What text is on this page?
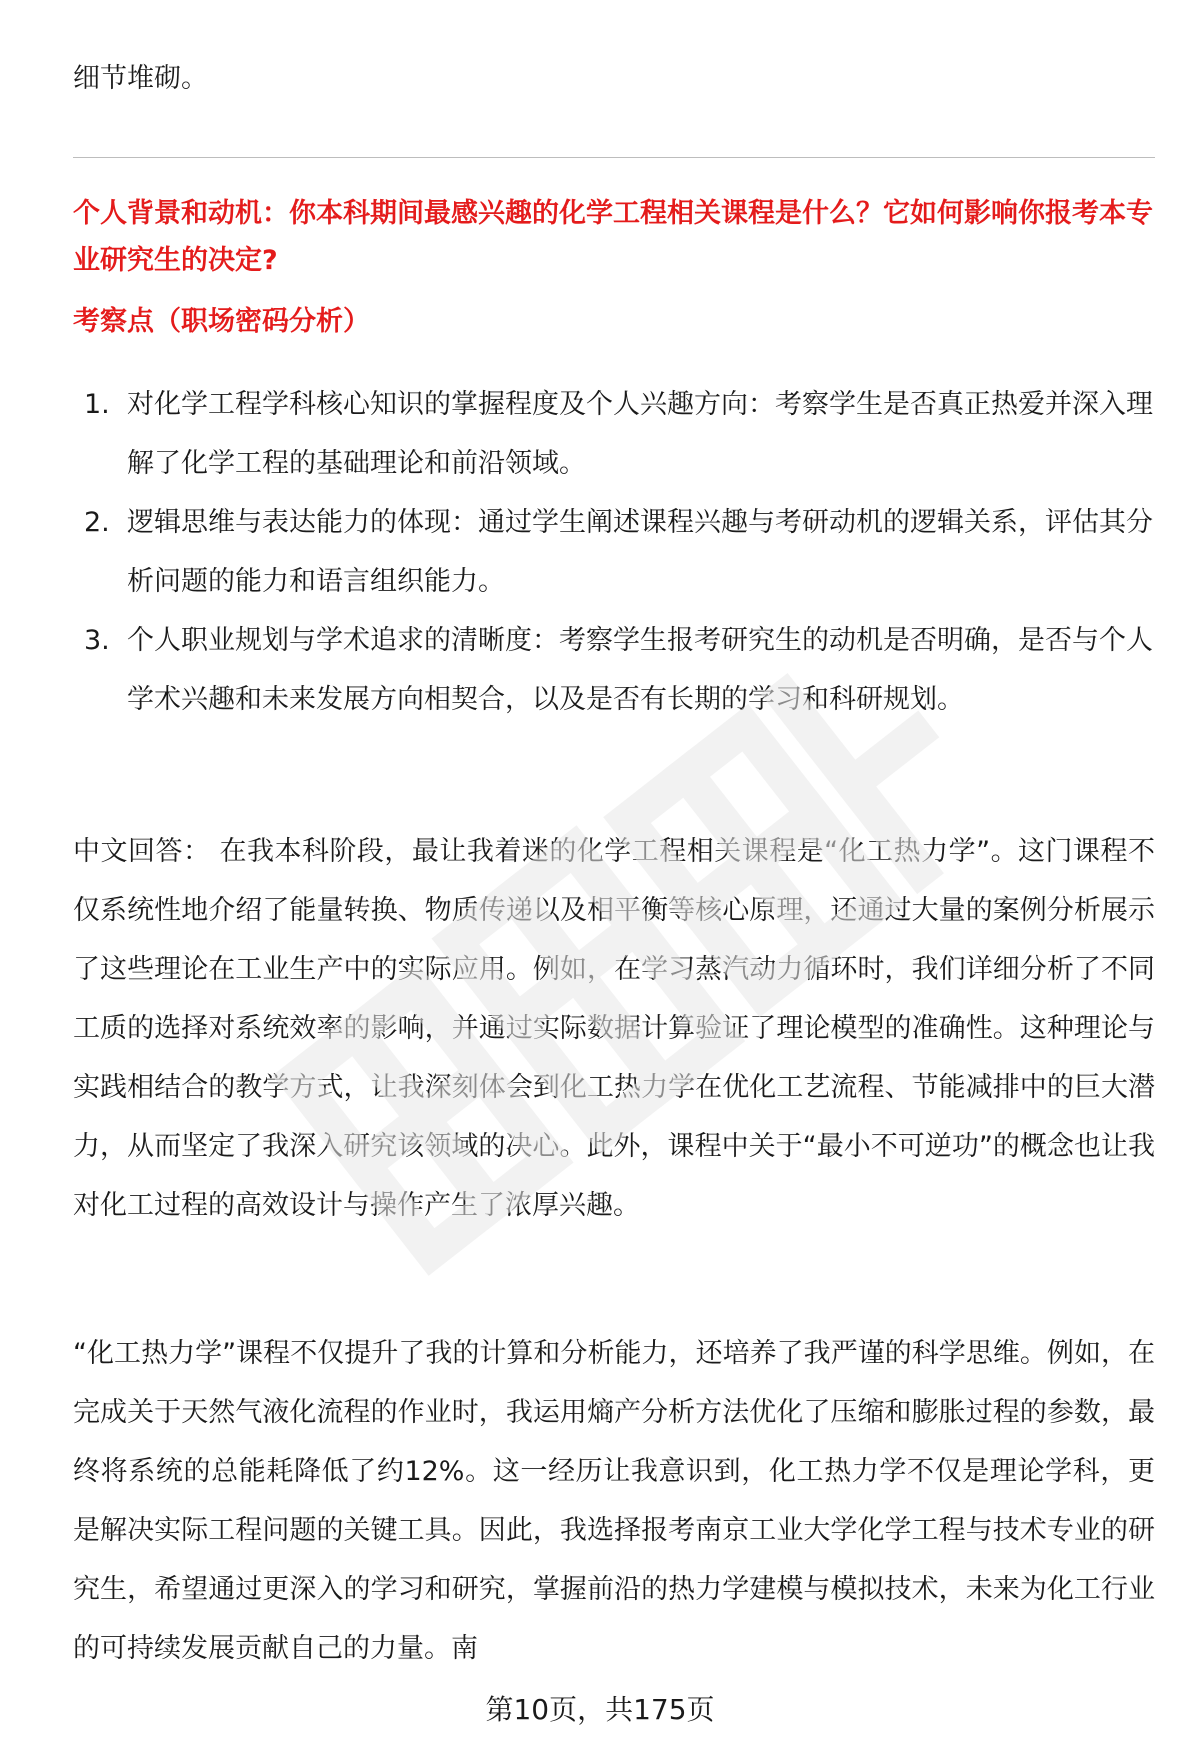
细节堆砌。

个人背景和动机：你本科期间最感兴趣的化学工程相关课程是什么？它如何影响你报考本专业研究生的决定?

考察点（职场密码分析）

1. 对化学工程学科核心知识的掌握程度及个人兴趣方向：考察学生是否真正热爱并深入理解了化学工程的基础理论和前沿领域。
2. 逻辑思维与表达能力的体现：通过学生阐述课程兴趣与考研动机的逻辑关系，评估其分析问题的能力和语言组织能力。
3. 个人职业规划与学术追求的清晰度：考察学生报考研究生的动机是否明确，是否与个人学术兴趣和未来发展方向相契合，以及是否有长期的学习和科研规划。

中文回答： 在我本科阶段，最让我着迷的化学工程相关课程是“化工热力学”。这门课程不仅系统性地介绍了能量转换、物质传递以及相平衡等核心原理，还通过大量的案例分析展示了这些理论在工业生产中的实际应用。例如，在学习蒸汽动力循环时，我们详细分析了不同工质的选择对系统效率的影响，并通过实际数据计算验证了理论模型的准确性。这种理论与实践相结合的教学方式，让我深刻体会到化工热力学在优化工艺流程、节能减排中的巨大潜力，从而坚定了我深入研究该领域的决心。此外，课程中关于“最小不可逆功”的概念也让我对化工过程的高效设计与操作产生了浓厚兴趣。

“化工热力学”课程不仅提升了我的计算和分析能力，还培养了我严谨的科学思维。例如，在完成关于天然气液化流程的作业时，我运用熵产分析方法优化了压缩和膨胀过程的参数，最终将系统的总能耗降低了约12%。这一经历让我意识到，化工热力学不仅是理论学科，更是解决实际工程问题的关键工具。因此，我选择报考南京工业大学化学工程与技术专业的研究生，希望通过更深入的学习和研究，掌握前沿的热力学建模与模拟技术，未来为化工行业的可持续发展贡献自己的力量。南

第10页，共175页
